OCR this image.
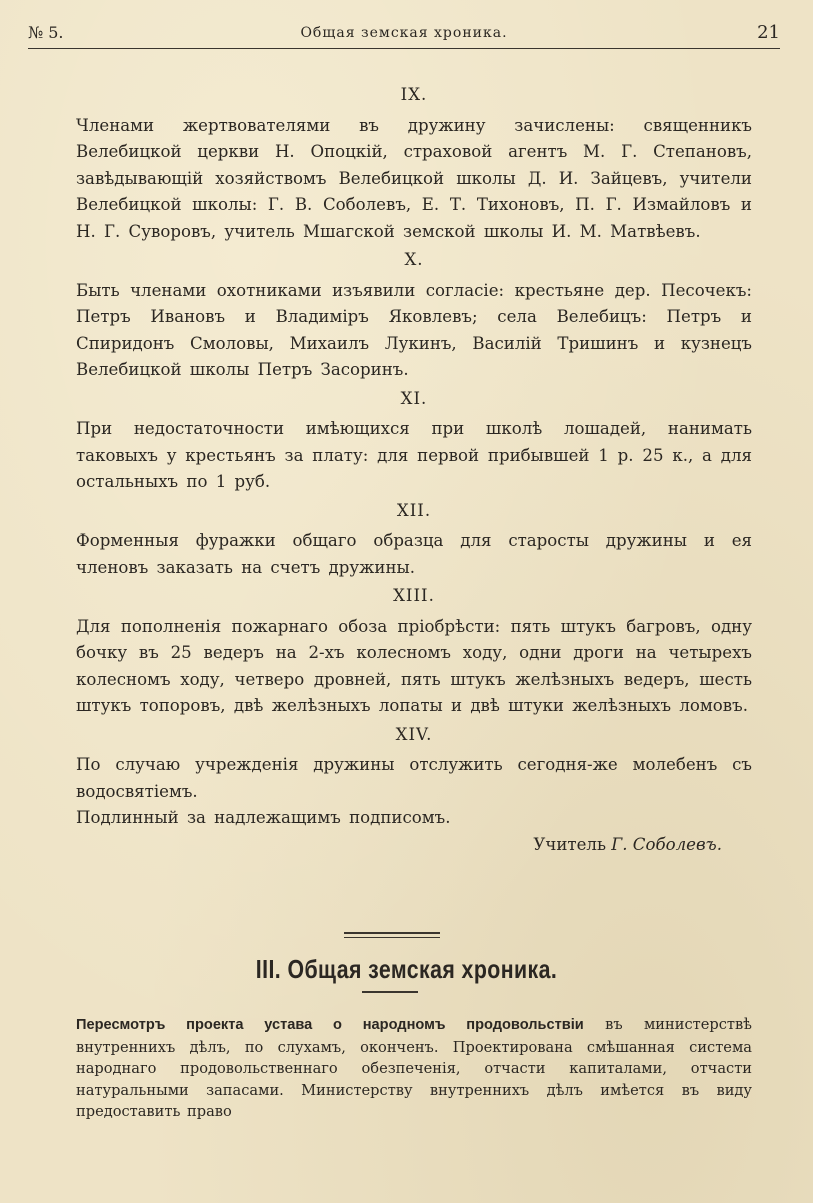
№ 5.	Общая земская хроника.	21
IX.

Членами жертвователями въ дружину зачислены: священникъ Велебицкой церкви Н. Опоцкій, страховой агентъ М. Г. Степановъ, завѣдывающій хозяйствомъ Велебицкой школы Д. И. Зайцевъ, учители Велебицкой школы: Г. В. Соболевъ, Е. Т. Тихоновъ, П. Г. Измайловъ и Н. Г. Суворовъ, учитель Мшагской земской школы И. М. Матвѣевъ.

X.

Быть членами охотниками изъявили согласіе: крестьяне дер. Песочекъ: Петръ Ивановъ и Владиміръ Яковлевъ; села Велебицъ: Петръ и Спиридонъ Смоловы, Михаилъ Лукинъ, Василій Тришинъ и кузнецъ Велебицкой школы Петръ Засоринъ.

XI.

При недостаточности имѣющихся при школѣ лошадей, нанимать таковыхъ у крестьянъ за плату: для первой прибывшей 1 р. 25 к., а для остальныхъ по 1 руб.

XII.

Форменныя фуражки общаго образца для старосты дружины и ея членовъ заказать на счетъ дружины.

XIII.

Для пополненія пожарнаго обоза пріобрѣсти: пять штукъ багровъ, одну бочку въ 25 ведеръ на 2-хъ колесномъ ходу, одни дроги на четырехъ колесномъ ходу, четверо дровней, пять штукъ желѣзныхъ ведеръ, шесть штукъ топоровъ, двѣ желѣзныхъ лопаты и двѣ штуки желѣзныхъ ломовъ.

XIV.

По случаю учрежденія дружины отслужить сегодня-же молебенъ съ водосвятіемъ.

Подлинный за надлежащимъ подписомъ.

Учитель Г. Соболевъ.
III. Общая земская хроника.
Пересмотръ проекта устава о народномъ продовольствіи въ министерствѣ внутреннихъ дѣлъ, по слухамъ, оконченъ. Проектирована смѣшанная система народнаго продовольственнаго обезпеченія, отчасти капиталами, отчасти натуральными запасами. Министерству внутреннихъ дѣлъ имѣется въ виду предоставить право
